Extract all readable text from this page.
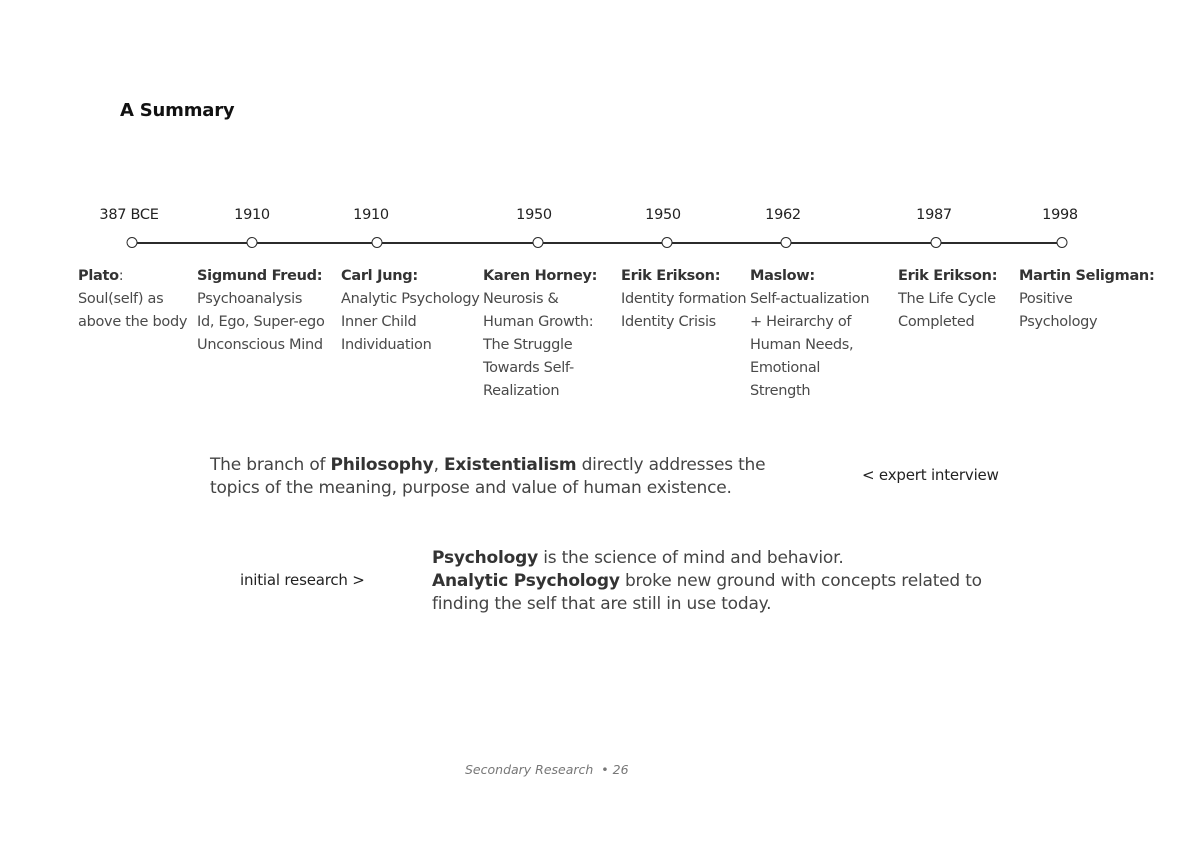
A Summary
387 BCE
Plato:
Soul(self) as
above the body
1910
Sigmund Freud:
Psychoanalysis
Id, Ego, Super-ego
Unconscious Mind
1910
Carl Jung:
Analytic Psychology
Inner Child
Individuation
1950
Karen Horney:
Neurosis &
Human Growth:
The Struggle
Towards Self-
Realization
1950
Erik Erikson:
Identity formation
Identity Crisis
1962
Maslow:
Self-actualization
+ Heirarchy of
Human Needs,
Emotional
Strength
1987
Erik Erikson:
The Life Cycle
Completed
1998
Martin Seligman:
Positive
Psychology
The branch of Philosophy, Existentialism directly addresses the topics of the meaning, purpose and value of human existence.
< expert interview
initial research >
Psychology is the science of mind and behavior.
Analytic Psychology broke new ground with concepts related to finding the self that are still in use today.
Secondary Research  • 26
